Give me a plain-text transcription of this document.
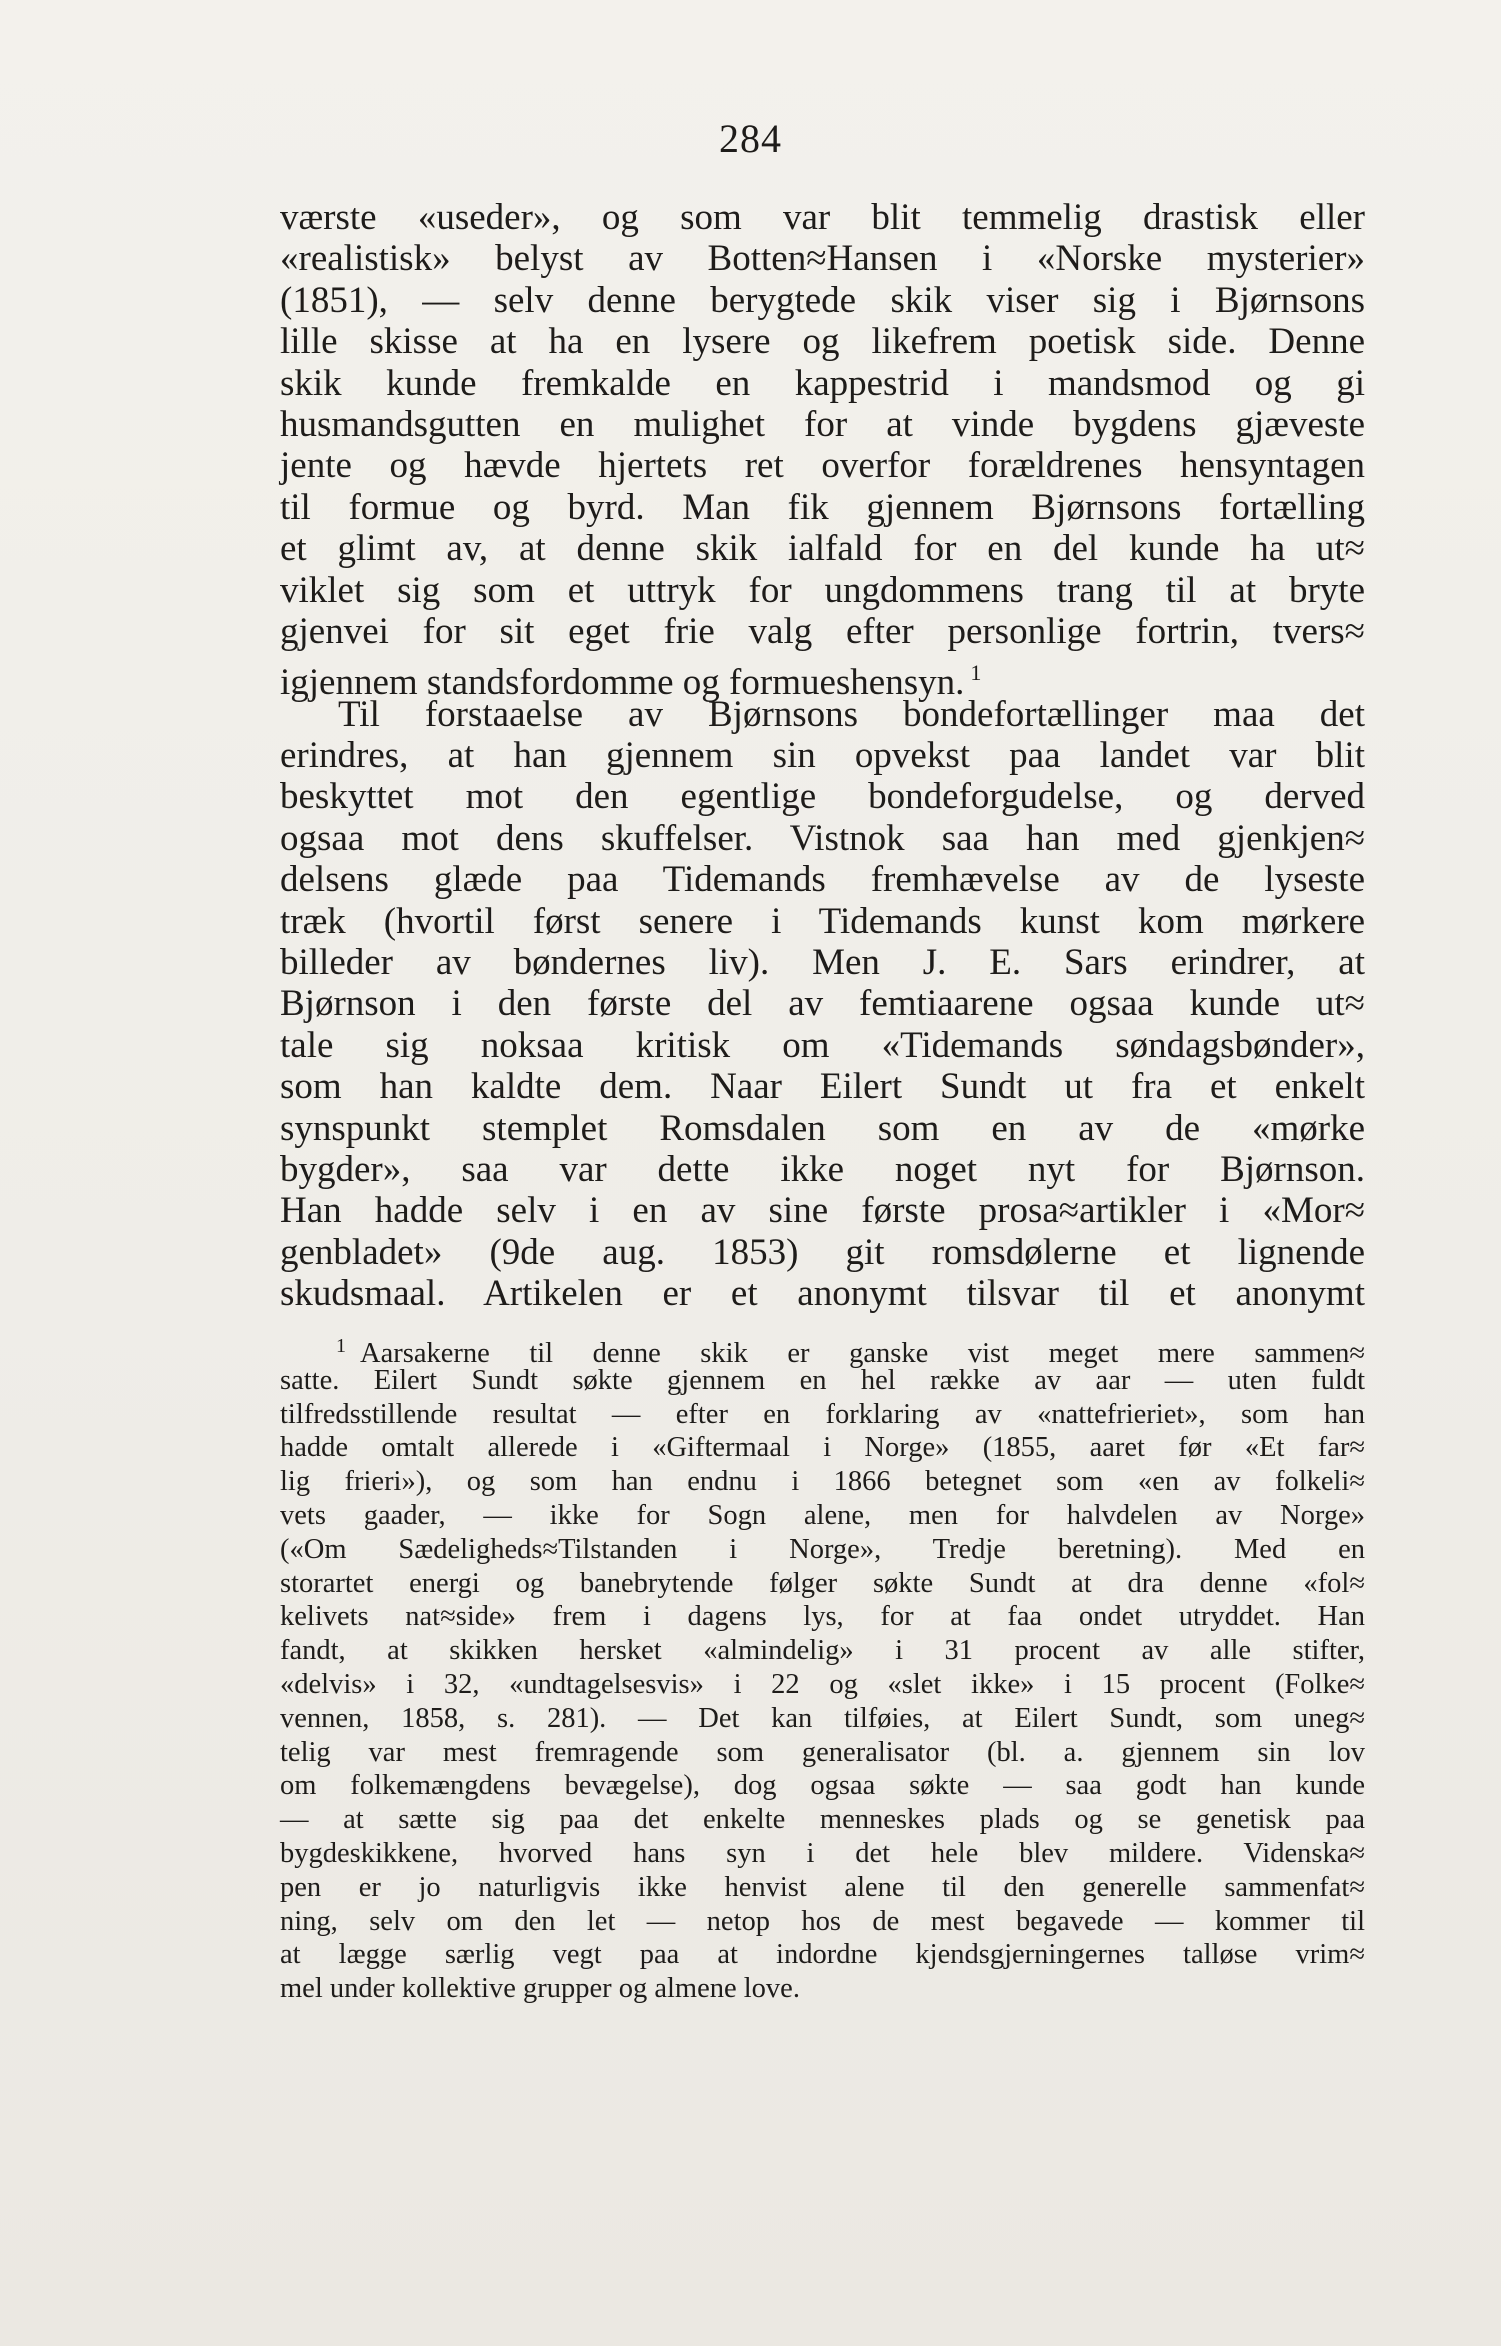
284
værste «useder», og som var blit temmelig drastisk eller
«realistisk» belyst av Botten≈Hansen i «Norske mysterier»
(1851), — selv denne berygtede skik viser sig i Bjørnsons
lille skisse at ha en lysere og likefrem poetisk side. Denne
skik kunde fremkalde en kappestrid i mandsmod og gi
husmandsgutten en mulighet for at vinde bygdens gjæveste
jente og hævde hjertets ret overfor forældrenes hensyntagen
til formue og byrd. Man fik gjennem Bjørnsons fortælling
et glimt av, at denne skik ialfald for en del kunde ha ut≈
viklet sig som et uttryk for ungdommens trang til at bryte
gjenvei for sit eget frie valg efter personlige fortrin, tvers≈
igjennem standsfordomme og formueshensyn. $^1$
Til forstaaelse av Bjørnsons bondefortællinger maa det
erindres, at han gjennem sin opvekst paa landet var blit
beskyttet mot den egentlige bondeforgudelse, og derved
ogsaa mot dens skuffelser. Vistnok saa han med gjenkjen≈
delsens glæde paa Tidemands fremhævelse av de lyseste
træk (hvortil først senere i Tidemands kunst kom mørkere
billeder av bøndernes liv). Men J. E. Sars erindrer, at
Bjørnson i den første del av femtiaarene ogsaa kunde ut≈
tale sig noksaa kritisk om «Tidemands søndagsbønder»,
som han kaldte dem. Naar Eilert Sundt ut fra et enkelt
synspunkt stemplet Romsdalen som en av de «mørke
bygder», saa var dette ikke noget nyt for Bjørnson.
Han hadde selv i en av sine første prosa≈artikler i «Mor≈
genbladet» (9de aug. 1853) git romsdølerne et lignende
skudsmaal. Artikelen er et anonymt tilsvar til et anonymt
$^1$ Aarsakerne til denne skik er ganske vist meget mere sammen≈
satte. Eilert Sundt søkte gjennem en hel række av aar — uten fuldt
tilfredsstillende resultat — efter en forklaring av «nattefrieriet», som han
hadde omtalt allerede i «Giftermaal i Norge» (1855, aaret før «Et far≈
lig frieri»), og som han endnu i 1866 betegnet som «en av folkeli≈
vets gaader, — ikke for Sogn alene, men for halvdelen av Norge»
(«Om Sædeligheds≈Tilstanden i Norge», Tredje beretning). Med en
storartet energi og banebrytende følger søkte Sundt at dra denne «fol≈
kelivets nat≈side» frem i dagens lys, for at faa ondet utryddet. Han
fandt, at skikken hersket «almindelig» i 31 procent av alle stifter,
«delvis» i 32, «undtagelsesvis» i 22 og «slet ikke» i 15 procent (Folke≈
vennen, 1858, s. 281). — Det kan tilføies, at Eilert Sundt, som uneg≈
telig var mest fremragende som generalisator (bl. a. gjennem sin lov
om folkemængdens bevægelse), dog ogsaa søkte — saa godt han kunde
— at sætte sig paa det enkelte menneskes plads og se genetisk paa
bygdeskikkene, hvorved hans syn i det hele blev mildere. Videnska≈
pen er jo naturligvis ikke henvist alene til den generelle sammenfat≈
ning, selv om den let — netop hos de mest begavede — kommer til
at lægge særlig vegt paa at indordne kjendsgjerningernes talløse vrim≈
mel under kollektive grupper og almene love.
